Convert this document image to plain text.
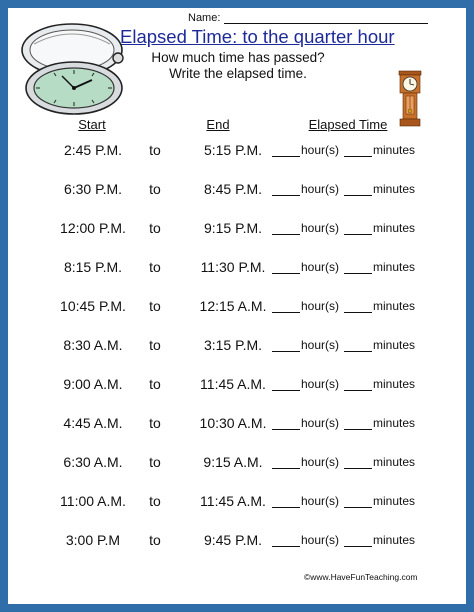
Name:
Elapsed Time: to the quarter hour
How much time has passed?
Write the elapsed time.
Start	End	Elapsed Time
2:45 P.M.	to	5:15 P.M.	hour(s)	minutes
6:30 P.M.	to	8:45 P.M.	hour(s)	minutes
12:00 P.M.	to	9:15 P.M.	hour(s)	minutes
8:15 P.M.	to	11:30 P.M.	hour(s)	minutes
10:45 P.M.	to	12:15 A.M.	hour(s)	minutes
8:30 A.M.	to	3:15 P.M.	hour(s)	minutes
9:00 A.M.	to	11:45 A.M.	hour(s)	minutes
4:45 A.M.	to	10:30 A.M.	hour(s)	minutes
6:30 A.M.	to	9:15 A.M.	hour(s)	minutes
11:00 A.M.	to	11:45 A.M.	hour(s)	minutes
3:00 P.M	to	9:45 P.M.	hour(s)	minutes
©www.HaveFunTeaching.com
